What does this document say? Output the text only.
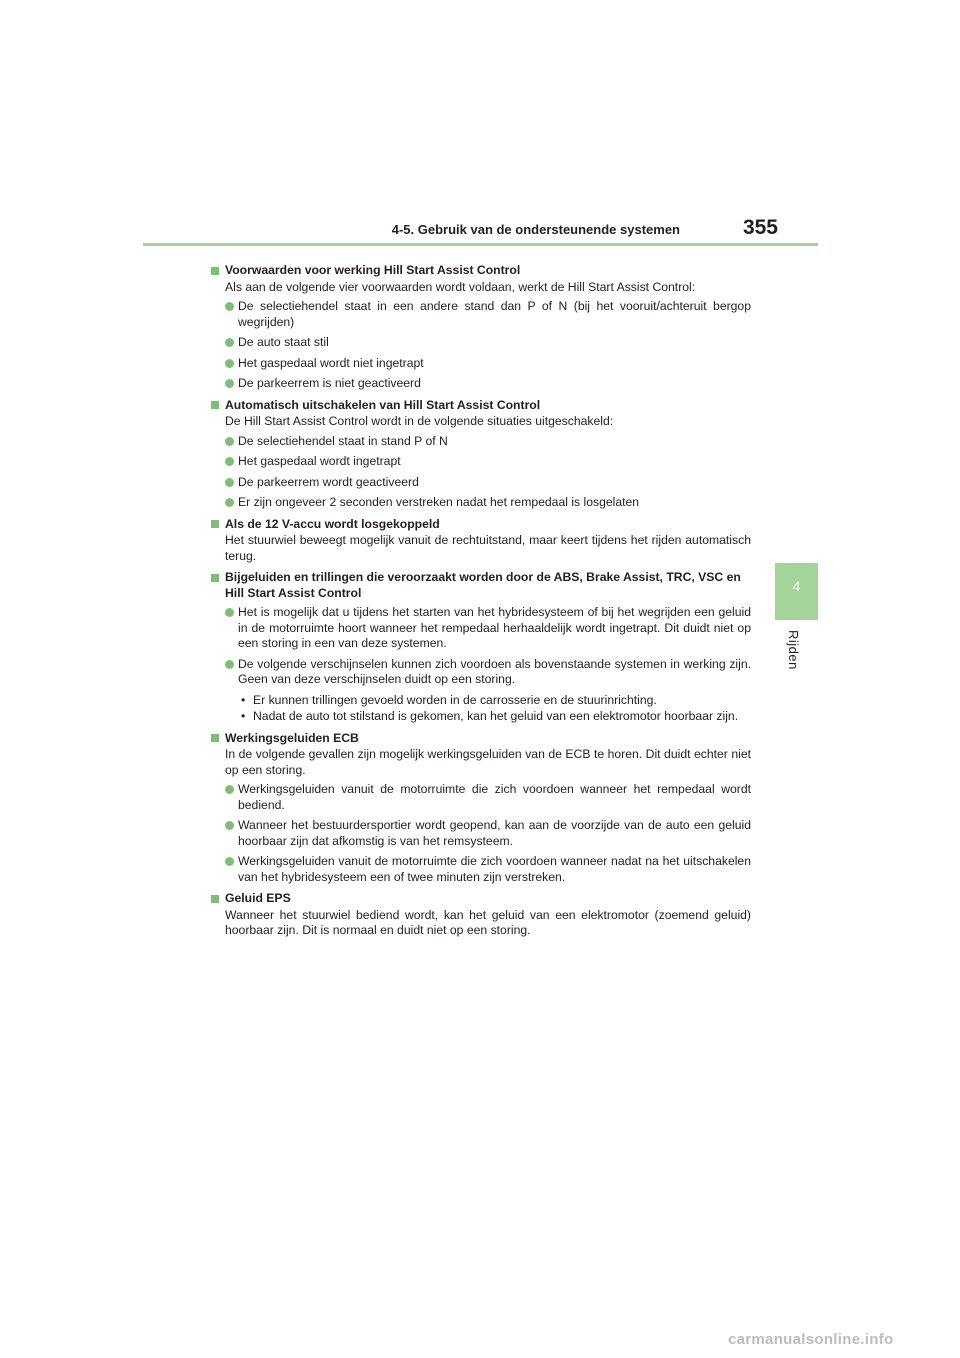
4-5. Gebruik van de ondersteunende systemen	355
4
Rijden
Voorwaarden voor werking Hill Start Assist Control
Als aan de volgende vier voorwaarden wordt voldaan, werkt de Hill Start Assist Control:
De selectiehendel staat in een andere stand dan P of N (bij het vooruit/achteruit bergop wegrijden)
De auto staat stil
Het gaspedaal wordt niet ingetrapt
De parkeerrem is niet geactiveerd
Automatisch uitschakelen van Hill Start Assist Control
De Hill Start Assist Control wordt in de volgende situaties uitgeschakeld:
De selectiehendel staat in stand P of N
Het gaspedaal wordt ingetrapt
De parkeerrem wordt geactiveerd
Er zijn ongeveer 2 seconden verstreken nadat het rempedaal is losgelaten
Als de 12 V-accu wordt losgekoppeld
Het stuurwiel beweegt mogelijk vanuit de rechtuitstand, maar keert tijdens het rijden automatisch terug.
Bijgeluiden en trillingen die veroorzaakt worden door de ABS, Brake Assist, TRC, VSC en Hill Start Assist Control
Het is mogelijk dat u tijdens het starten van het hybridesysteem of bij het wegrijden een geluid in de motorruimte hoort wanneer het rempedaal herhaaldelijk wordt ingetrapt. Dit duidt niet op een storing in een van deze systemen.
De volgende verschijnselen kunnen zich voordoen als bovenstaande systemen in werking zijn. Geen van deze verschijnselen duidt op een storing.
• Er kunnen trillingen gevoeld worden in de carrosserie en de stuurinrichting.
• Nadat de auto tot stilstand is gekomen, kan het geluid van een elektromotor hoorbaar zijn.
Werkingsgeluiden ECB
In de volgende gevallen zijn mogelijk werkingsgeluiden van de ECB te horen. Dit duidt echter niet op een storing.
Werkingsgeluiden vanuit de motorruimte die zich voordoen wanneer het rempedaal wordt bediend.
Wanneer het bestuurdersportier wordt geopend, kan aan de voorzijde van de auto een geluid hoorbaar zijn dat afkomstig is van het remsysteem.
Werkingsgeluiden vanuit de motorruimte die zich voordoen wanneer nadat na het uitschakelen van het hybridesysteem een of twee minuten zijn verstreken.
Geluid EPS
Wanneer het stuurwiel bediend wordt, kan het geluid van een elektromotor (zoemend geluid) hoorbaar zijn. Dit is normaal en duidt niet op een storing.
carmanualsonline.info
